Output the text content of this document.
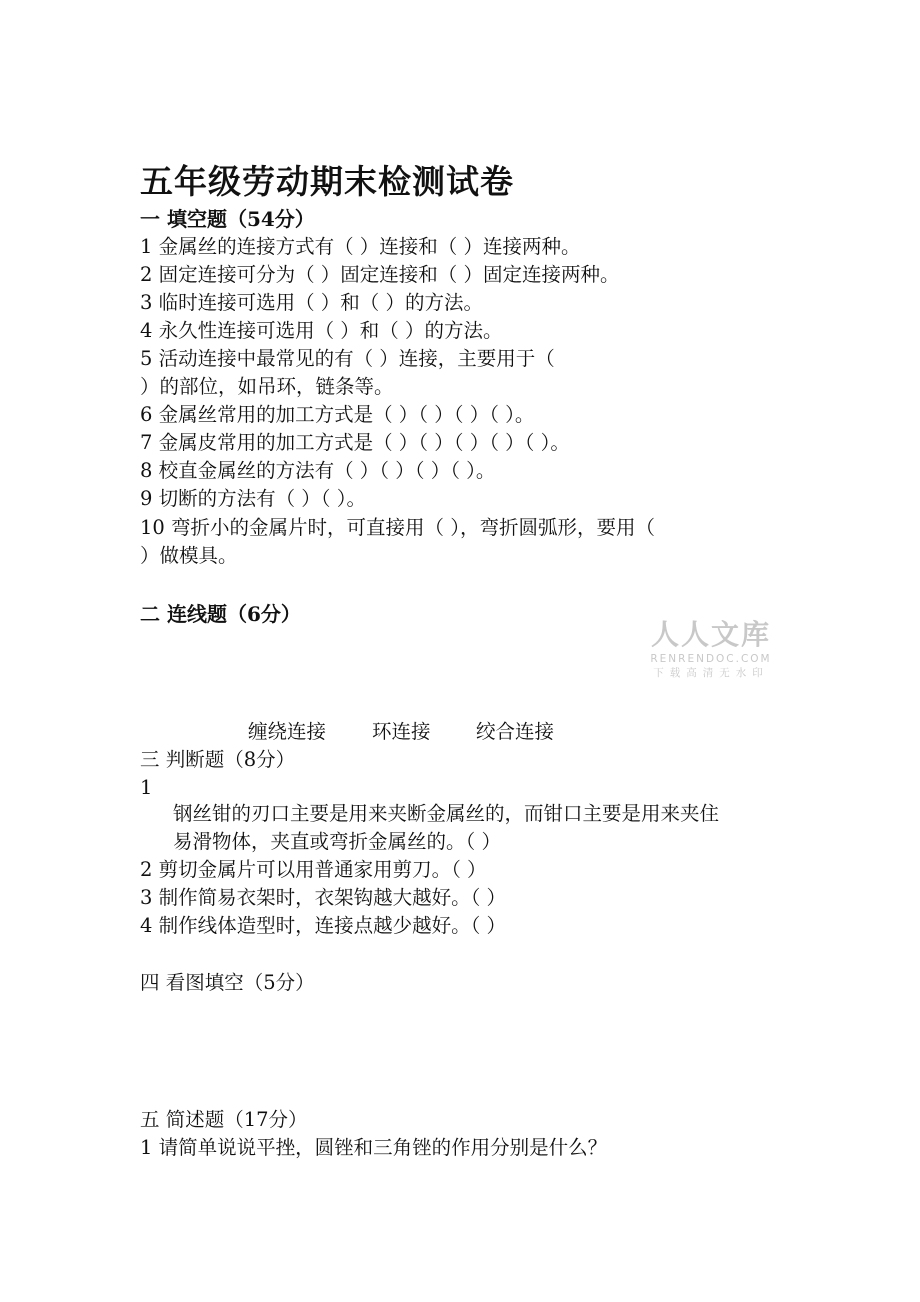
五年级劳动期末检测试卷
一 填空题（54分）
1 金属丝的连接方式有（ ）连接和（ ）连接两种。
2 固定连接可分为（ ）固定连接和（ ）固定连接两种。
3 临时连接可选用（ ）和（ ）的方法。
4 永久性连接可选用（ ）和（ ）的方法。
5 活动连接中最常见的有（ ）连接，主要用于（
）的部位，如吊环，链条等。
6 金属丝常用的加工方式是（ ）（ ）（ ）（ ）。
7 金属皮常用的加工方式是（ ）（ ）（ ）（ ）（ ）。
8 校直金属丝的方法有（ ）（ ）（ ）（ ）。
9 切断的方法有（ ）（ ）。
10 弯折小的金属片时，可直接用（ ），弯折圆弧形，要用（
）做模具。
二 连线题（6分）
缠绕连接 环连接 绞合连接
人人文库
RENRENDOC.COM
下载高清无水印
三 判断题（8分）
1
钢丝钳的刃口主要是用来夹断金属丝的，而钳口主要是用来夹住
易滑物体，夹直或弯折金属丝的。（ ）
2 剪切金属片可以用普通家用剪刀。（ ）
3 制作简易衣架时，衣架钩越大越好。（ ）
4 制作线体造型时，连接点越少越好。（ ）
四 看图填空（5分）
五 简述题（17分）
1 请简单说说平挫，圆锉和三角锉的作用分别是什么？
